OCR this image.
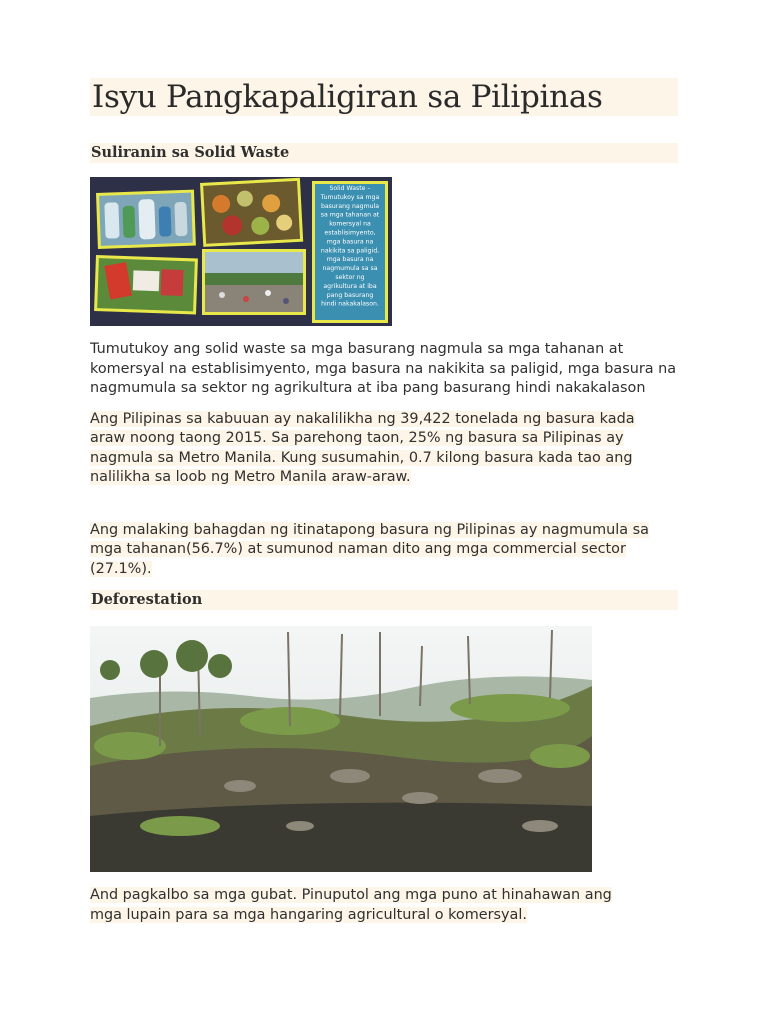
Isyu Pangkapaligiran sa Pilipinas
Suliranin sa Solid Waste
Solid Waste – Tumutukoy sa mga basurang nagmula sa mga tahanan at komersyal na establisimyento, mga basura na nakikita sa paligid, mga basura na nagmumula sa sa sektor ng agrikultura at iba pang basurang hindi nakakalason.

Tumutukoy ang solid waste sa mga basurang nagmula sa mga tahanan at
komersyal na establisimyento, mga basura na nakikita sa paligid, mga basura na
nagmumula sa sektor ng agrikultura at iba pang basurang hindi nakakalason

Ang Pilipinas sa kabuuan ay nakalilikha ng 39,422 tonelada ng basura kada
araw noong taong 2015. Sa parehong taon, 25% ng basura sa Pilipinas ay
nagmula sa Metro Manila. Kung susumahin, 0.7 kilong basura kada tao ang
nalilikha sa loob ng Metro Manila araw-araw.

Ang malaking bahagdan ng itinatapong basura ng Pilipinas ay nagmumula sa
mga tahanan(56.7%) at sumunod naman dito ang mga commercial sector
(27.1%).

Deforestation

And pagkalbo sa mga gubat. Pinuputol ang mga puno at hinahawan ang
mga lupain para sa mga hangaring agricultural o komersyal.
